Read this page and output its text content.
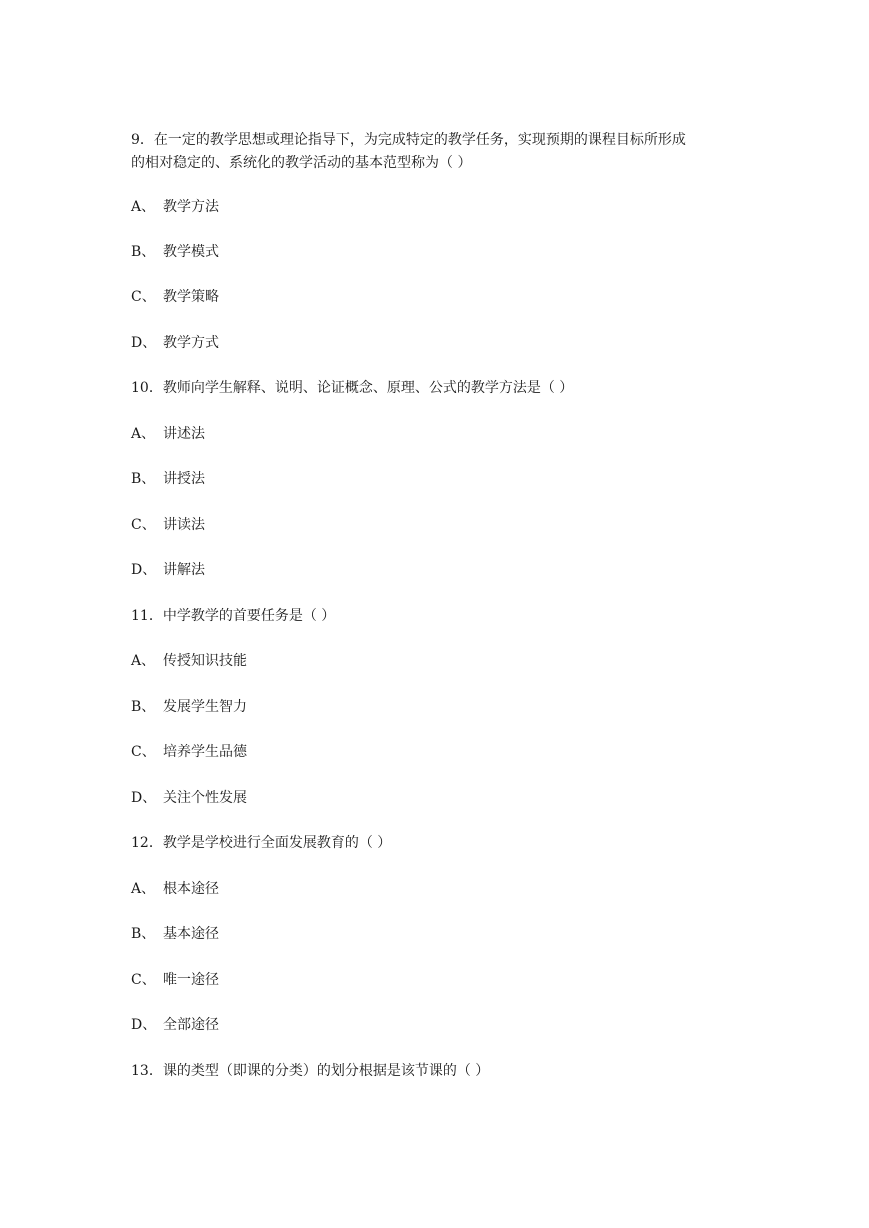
9．在一定的教学思想或理论指导下，为完成特定的教学任务，实现预期的课程目标所形成
的相对稳定的、系统化的教学活动的基本范型称为（ ）
A、 教学方法
B、 教学模式
C、 教学策略
D、 教学方式
10．教师向学生解释、说明、论证概念、原理、公式的教学方法是（ ）
A、 讲述法
B、 讲授法
C、 讲读法
D、 讲解法
11．中学教学的首要任务是（ ）
A、 传授知识技能
B、 发展学生智力
C、 培养学生品德
D、 关注个性发展
12．教学是学校进行全面发展教育的（ ）
A、 根本途径
B、 基本途径
C、 唯一途径
D、 全部途径
13．课的类型（即课的分类）的划分根据是该节课的（ ）
